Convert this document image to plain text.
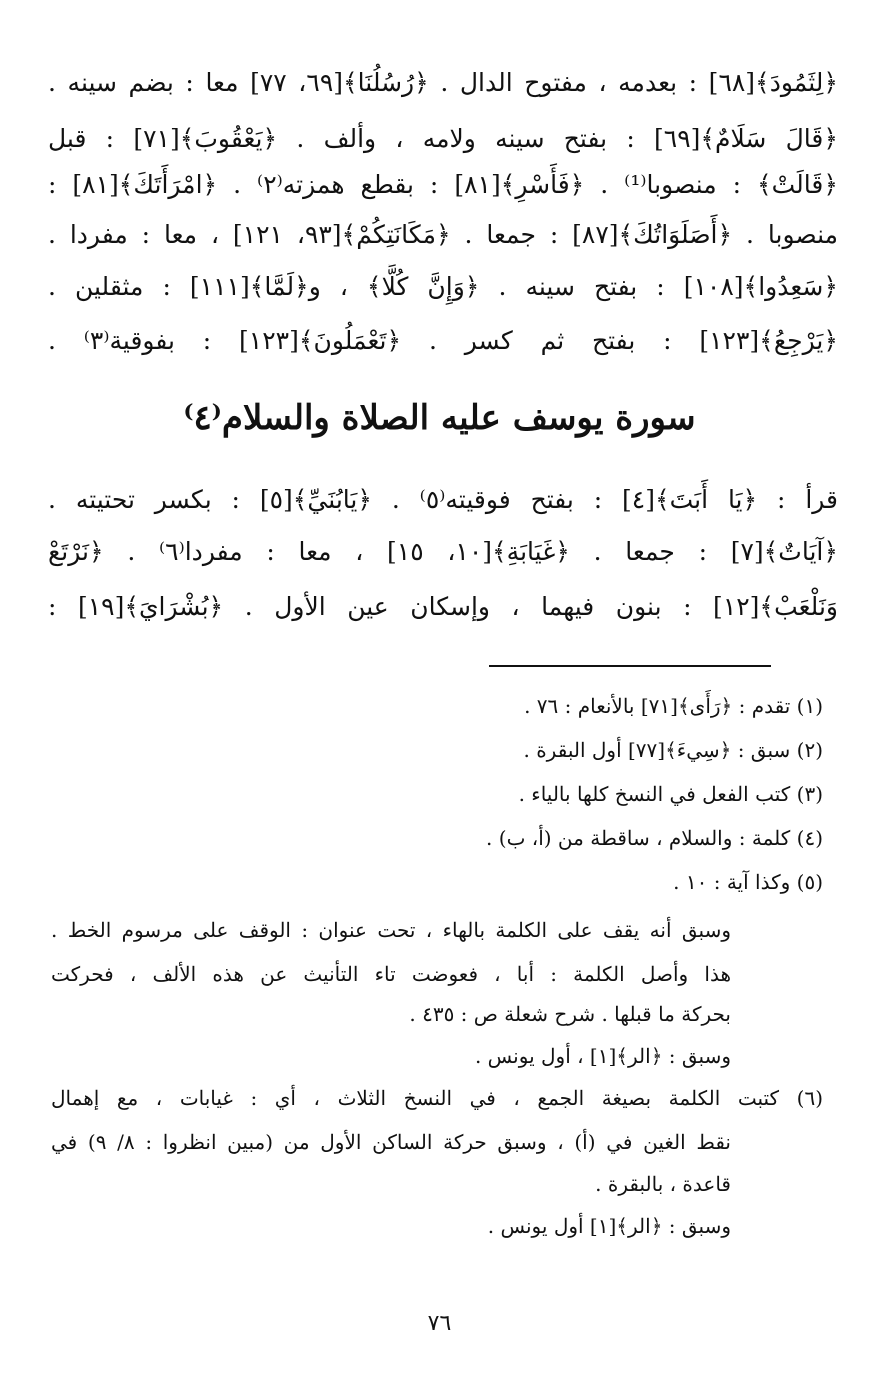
﴿لِثَمُودَ﴾[٦٨] : بعدمه ، مفتوح الدال . ﴿رُسُلُنَا﴾[٦٩، ٧٧] معا : بضم سينه .
﴿قَالَ سَلَامٌ﴾[٦٩] : بفتح سينه ولامه ، وألف . ﴿يَعْقُوبَ﴾[٧١] : قبل
﴿قَالَتْ﴾ : منصوبا⁽¹⁾ . ﴿فَأَسْرِ﴾[٨١] : بقطع همزته⁽٢⁾ . ﴿امْرَأَتَكَ﴾[٨١] :
منصوبا . ﴿أَصَلَوَاتُكَ﴾[٨٧] : جمعا . ﴿مَكَانَتِكُمْ﴾[٩٣، ١٢١] ، معا : مفردا .
﴿سَعِدُوا﴾[١٠٨] : بفتح سينه . ﴿وَإِنَّ كُلًّا﴾ ، و﴿لَمَّا﴾[١١١] : مثقلين .
﴿يَرْجِعُ﴾[١٢٣] : بفتح ثم كسر . ﴿تَعْمَلُونَ﴾[١٢٣] : بفوقية⁽٣⁾ .
سورة يوسف عليه الصلاة والسلام⁽٤⁾
قرأ : ﴿يَا أَبَتَ﴾[٤] : بفتح فوقيته⁽٥⁾ . ﴿يَابُنَيِّ﴾[٥] : بكسر تحتيته .
﴿آيَاتٌ﴾[٧] : جمعا . ﴿غَيَابَةِ﴾[١٠، ١٥] ، معا : مفردا⁽٦⁾ . ﴿نَرْتَعْ
وَنَلْعَبْ﴾[١٢] : بنون فيهما ، وإسكان عين الأول . ﴿بُشْرَايَ﴾[١٩] :
(١) تقدم : ﴿رَأَى﴾[٧١] بالأنعام : ٧٦ .
(٢) سبق : ﴿سِيءَ﴾[٧٧] أول البقرة .
(٣) كتب الفعل في النسخ كلها بالياء .
(٤) كلمة : والسلام ، ساقطة من (أ، ب) .
(٥) وكذا آية : ١٠ .
وسبق أنه يقف على الكلمة بالهاء ، تحت عنوان : الوقف على مرسوم الخط .
هذا وأصل الكلمة : أبا ، فعوضت تاء التأنيث عن هذه الألف ، فحركت
بحركة ما قبلها . شرح شعلة ص : ٤٣٥ .
وسبق : ﴿الر﴾[١] ، أول يونس .
(٦) كتبت الكلمة بصيغة الجمع ، في النسخ الثلاث ، أي : غيابات ، مع إهمال
نقط الغين في (أ) ، وسبق حركة الساكن الأول من (مبين انظروا : ٨/ ٩) في
قاعدة ، بالبقرة .
وسبق : ﴿الر﴾[١] أول يونس .
٧٦
